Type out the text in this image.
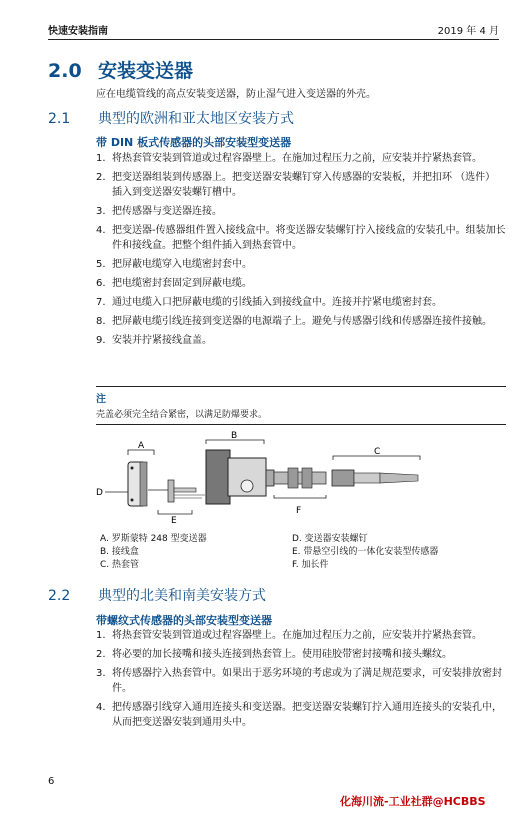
快速安装指南	2019 年 4 月
2.0 安装变送器
应在电缆管线的高点安装变送器，防止湿气进入变送器的外壳。
2.1 典型的欧洲和亚太地区安装方式
带 DIN 板式传感器的头部安装型变送器
1. 将热套管安装到管道或过程容器壁上。在施加过程压力之前，应安装并拧紧热套管。
2. 把变送器组装到传感器上。把变送器安装螺钉穿入传感器的安装板，并把扣环 （选件） 插入到变送器安装螺钉槽中。
3. 把传感器与变送器连接。
4. 把变送器-传感器组件置入接线盒中。将变送器安装螺钉拧入接线盒的安装孔中。组装加长件和接线盒。把整个组件插入到热套管中。
5. 把屏蔽电缆穿入电缆密封套中。
6. 把电缆密封套固定到屏蔽电缆。
7. 通过电缆入口把屏蔽电缆的引线插入到接线盒中。连接并拧紧电缆密封套。
8. 把屏蔽电缆引线连接到变送器的电源端子上。避免与传感器引线和传感器连接件接触。
9. 安装并拧紧接线盒盖。
注
壳盖必须完全结合紧密，以满足防爆要求。
A
D
E
B
F
C
A. 罗斯蒙特 248 型变送器
B. 接线盒
C. 热套管
D. 变送器安装螺钉
E. 带悬空引线的一体化安装型传感器
F. 加长件
2.2 典型的北美和南美安装方式
带螺纹式传感器的头部安装型变送器
1. 将热套管安装到管道或过程容器壁上。在施加过程压力之前，应安装并拧紧热套管。
2. 将必要的加长接嘴和接头连接到热套管上。使用硅胶带密封接嘴和接头螺纹。
3. 将传感器拧入热套管中。如果出于恶劣环境的考虑或为了满足规范要求，可安装排放密封件。
4. 把传感器引线穿入通用连接头和变送器。把变送器安装螺钉拧入通用连接头的安装孔中，从而把变送器安装到通用头中。
6
化海川流-工业社群@HCBBS
